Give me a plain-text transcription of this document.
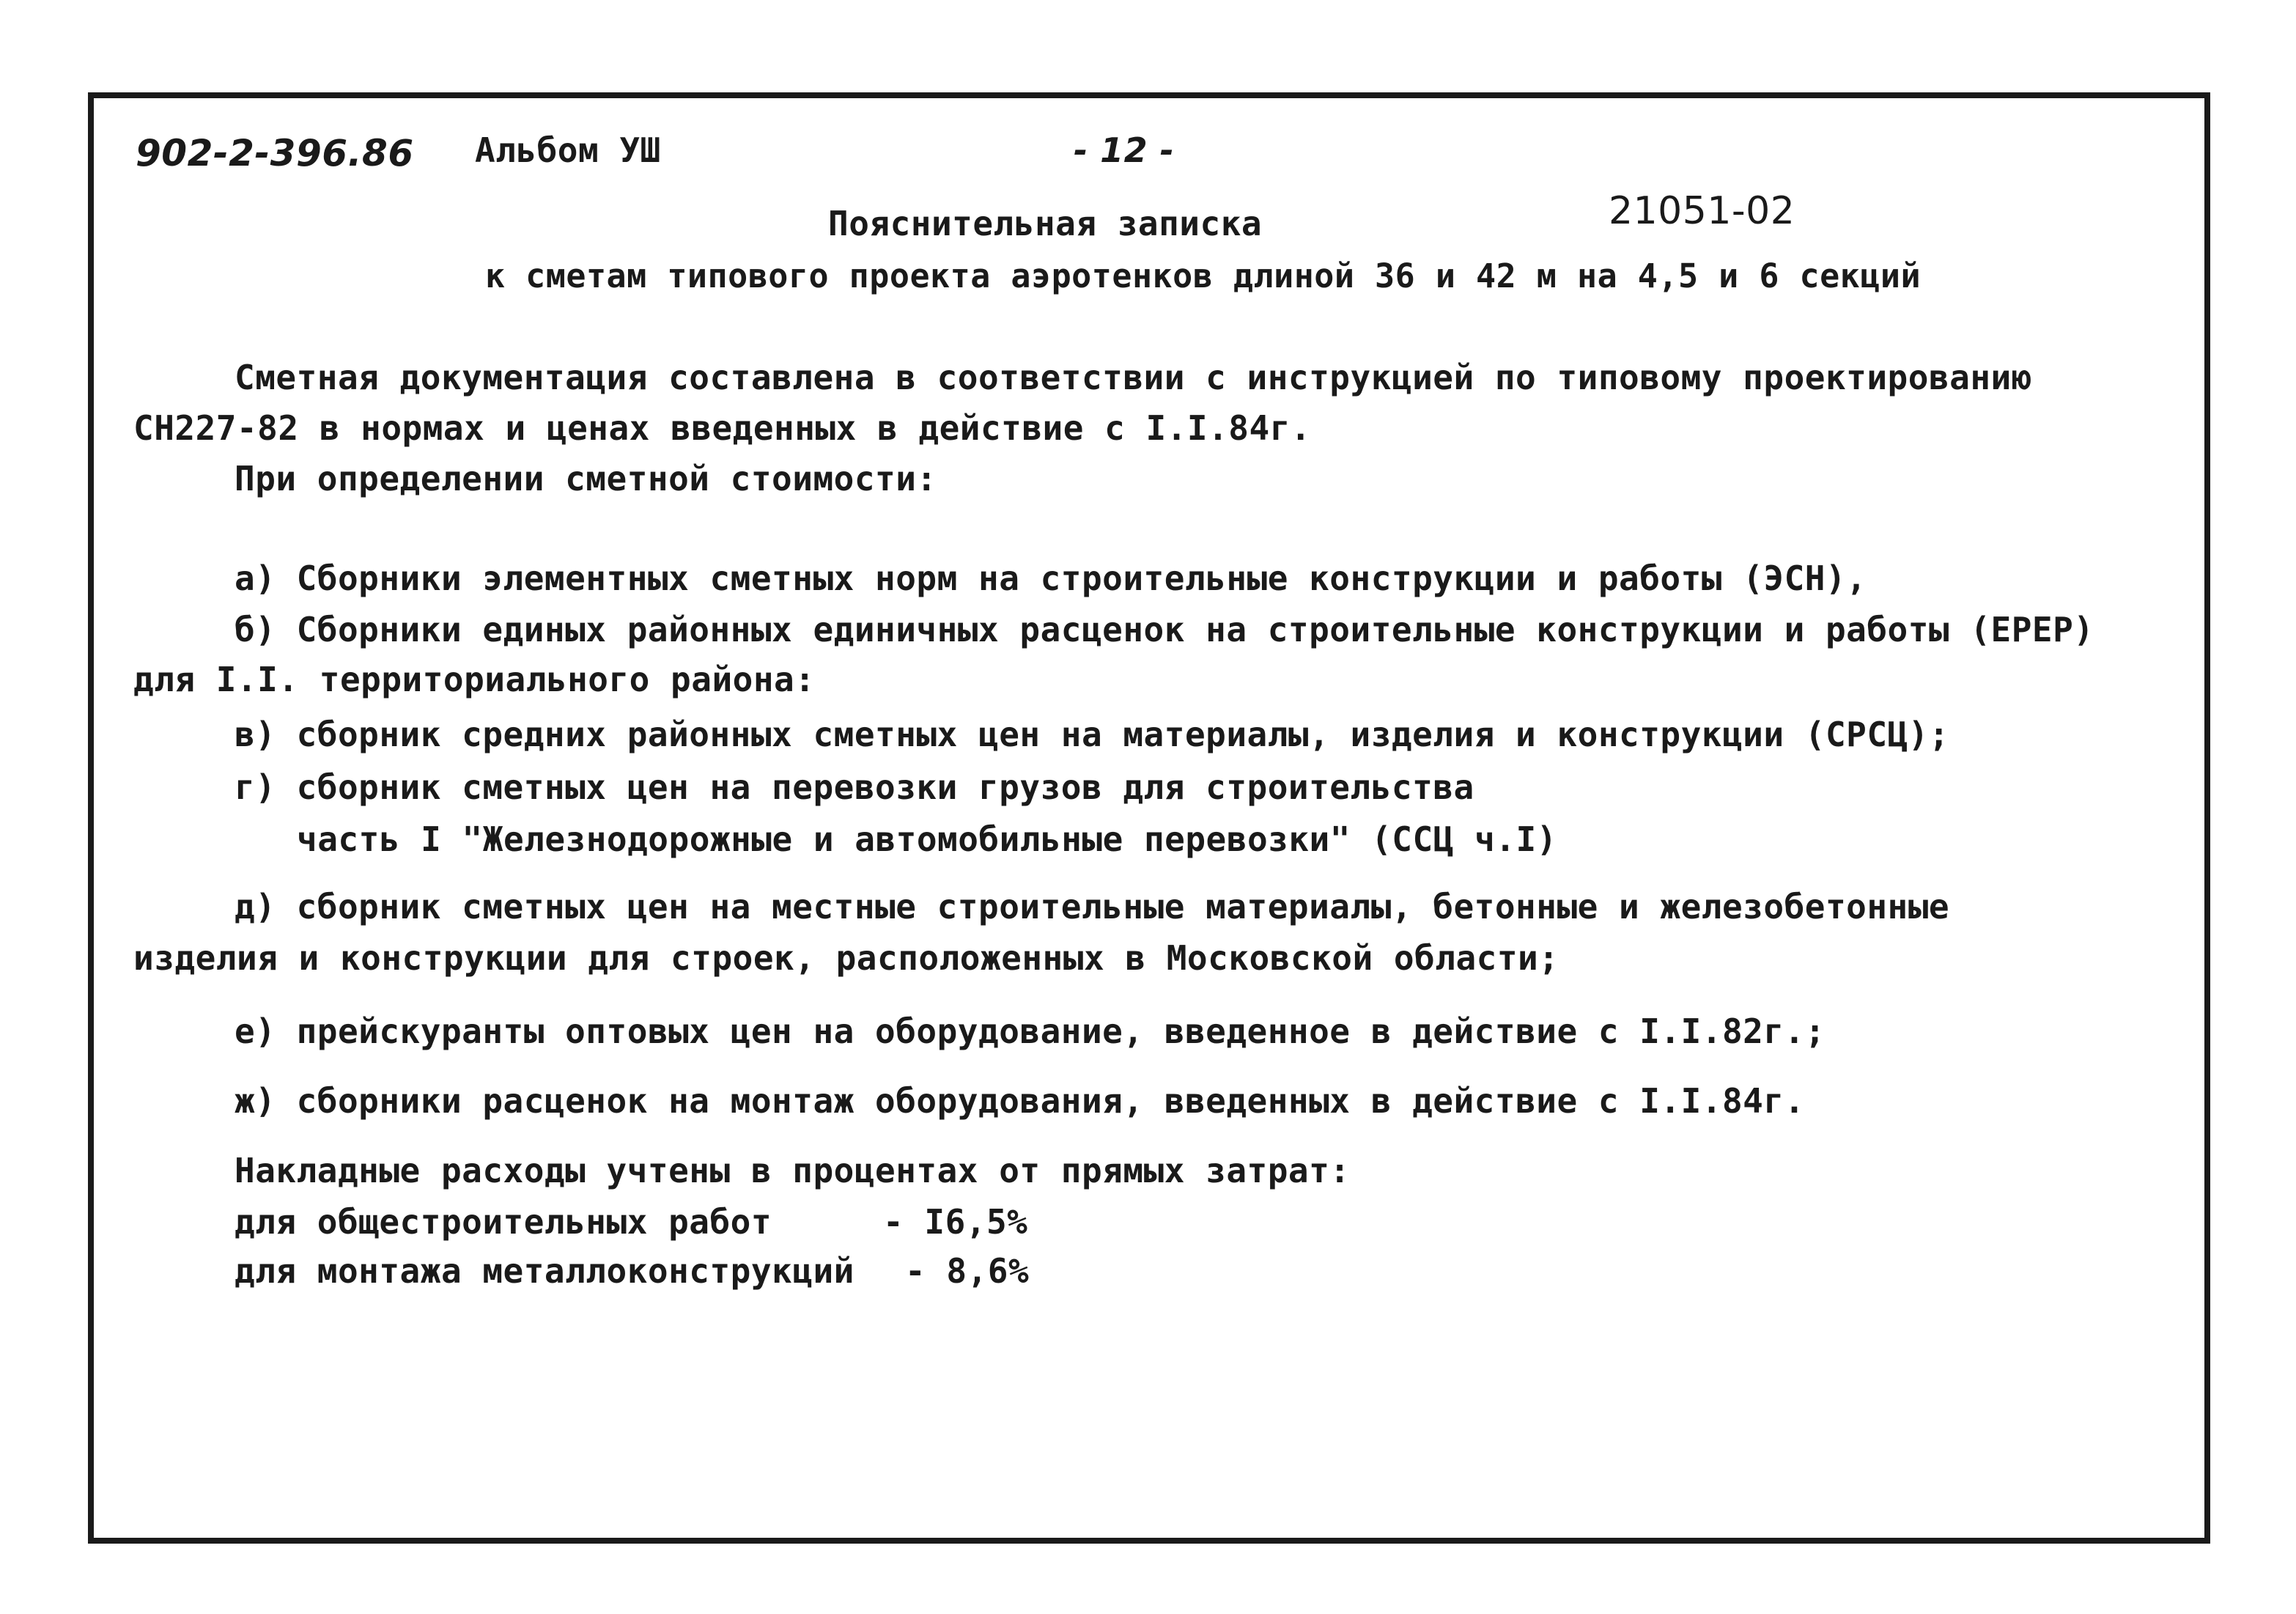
902-2-396.86 Альбом УШ	- 12 -
21051-02
Пояснительная записка
к сметам типового проекта аэротенков длиной 36 и 42 м на 4,5 и 6 секций
Сметная документация составлена в соответствии с инструкцией по типовому проектированию
СН227-82 в нормах и ценах введенных в действие с I.I.84г.
При определении сметной стоимости:
а) Сборники элементных сметных норм на строительные конструкции и работы (ЭСН),
б) Сборники единых районных единичных расценок на строительные конструкции и работы (ЕРЕР)
для I.I. территориального района:
в) сборник средних районных сметных цен на материалы, изделия и конструкции (СРСЦ);
г) сборник сметных цен на перевозки грузов для строительства
часть I "Железнодорожные и автомобильные перевозки" (ССЦ ч.I)
д) сборник сметных цен на местные строительные материалы, бетонные и железобетонные
изделия и конструкции для строек, расположенных в Московской области;
е) прейскуранты оптовых цен на оборудование, введенное в действие с I.I.82г.;
ж) сборники расценок на монтаж оборудования, введенных в действие с I.I.84г.
Накладные расходы учтены в процентах от прямых затрат:
для общестроительных работ	- I6,5%
для монтажа металлоконструкций - 8,6%
